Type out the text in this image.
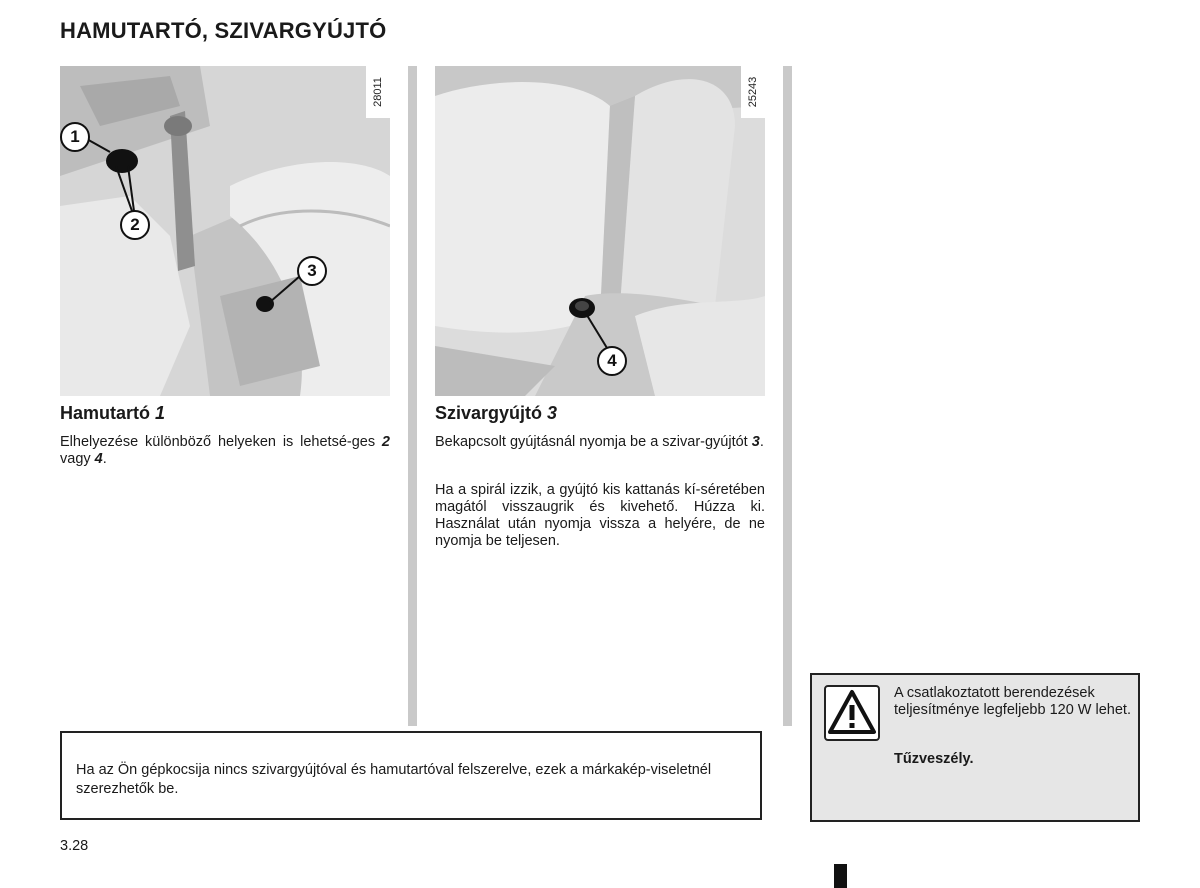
HAMUTARTÓ, SZIVARGYÚJTÓ
28011
1
2
3
25243
4
Hamutartó 1
Elhelyezése különböző helyeken is lehetsé-ges 2 vagy 4.
Szivargyújtó 3
Bekapcsolt gyújtásnál nyomja be a szivar-gyújtót 3.
Ha a spirál izzik, a gyújtó kis kattanás kí-séretében magától visszaugrik és kivehető. Húzza ki. Használat után nyomja vissza a helyére, de ne nyomja be teljesen.

Ha az Ön gépkocsija nincs szivargyújtóval és hamutartóval felszerelve, ezek a márkakép-viseletnél szerezhetők be.

A csatlakoztatott berendezések teljesítménye legfeljebb 120 W lehet.
Tűzveszély.
3.28
